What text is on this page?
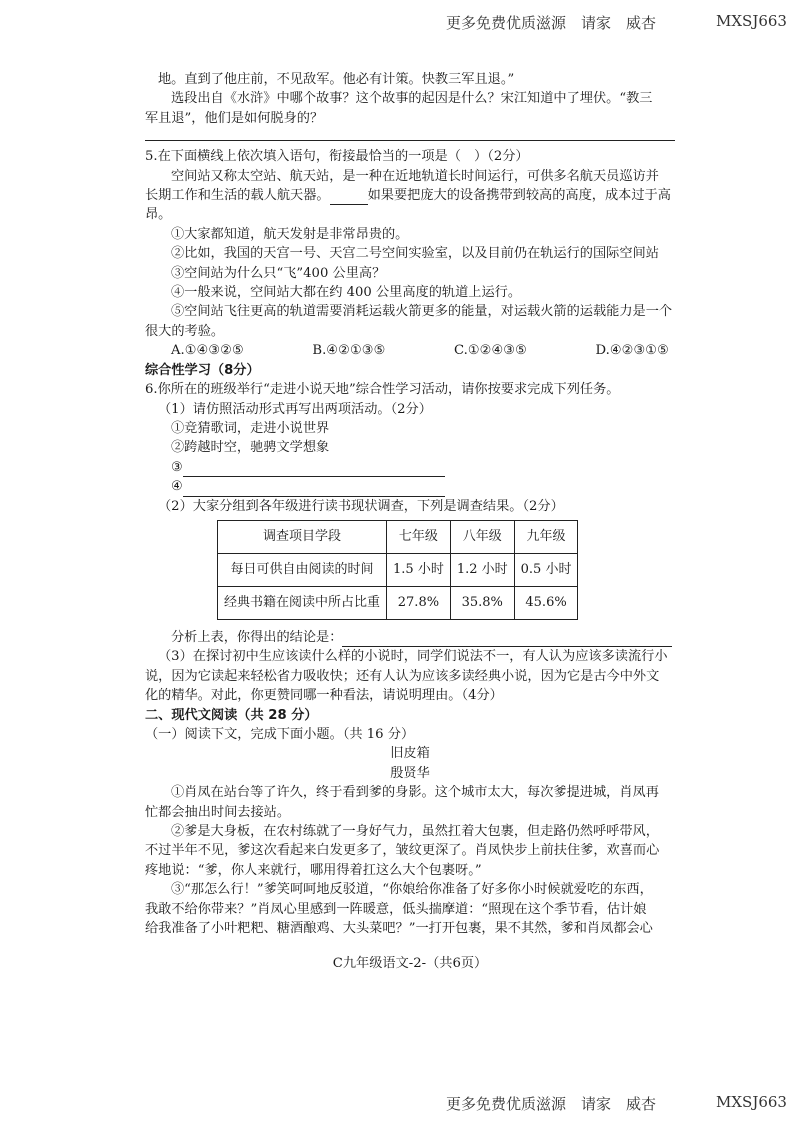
更多免费优质滋源　请家　威杏	MXSJ663
地。直到了他庄前，不见敌军。他必有计策。快教三军且退。”
选段出自《水浒》中哪个故事？这个故事的起因是什么？宋江知道中了埋伏。“教三
军且退”，他们是如何脱身的？
5.在下面横线上依次填入语句，衔接最恰当的一项是（　）（2分）
空间站又称太空站、航天站，是一种在近地轨道长时间运行，可供多名航天员巡访并
长期工作和生活的载人航天器。	如果要把庞大的设备携带到较高的高度，成本过于高
昂。
①大家都知道，航天发射是非常昂贵的。
②比如，我国的天宫一号、天宫二号空间实验室，以及目前仍在轨运行的国际空间站
③空间站为什么只“飞”400 公里高？
④一般来说，空间站大都在约 400 公里高度的轨道上运行。
⑤空间站飞往更高的轨道需要消耗运载火箭更多的能量，对运载火箭的运载能力是一个
很大的考验。
A.①④③②⑤	B.④②①③⑤	C.①②④③⑤	D.④②③①⑤
综合性学习（8分）
6.你所在的班级举行“走进小说天地”综合性学习活动，请你按要求完成下列任务。
（1）请仿照活动形式再写出两项活动。（2分）
①竞猜歌词，走进小说世界
②跨越时空，驰骋文学想象
③
④
（2）大家分组到各年级进行读书现状调查，下列是调查结果。（2分）
调查项目学段	七年级	八年级	九年级
每日可供自由阅读的时间	1.5 小时	1.2 小时	0.5 小时
经典书籍在阅读中所占比重	27.8%	35.8%	45.6%
分析上表，你得出的结论是：
（3）在探讨初中生应该读什么样的小说时，同学们说法不一，有人认为应该多读流行小
说，因为它读起来轻松省力吸收快；还有人认为应该多读经典小说，因为它是古今中外文
化的精华。对此，你更赞同哪一种看法，请说明理由。（4分）
二、现代文阅读（共 28 分）
（一）阅读下文，完成下面小题。（共 16 分）
旧皮箱
殷贤华
①肖凤在站台等了许久，终于看到爹的身影。这个城市太大，每次爹提进城，肖凤再
忙都会抽出时间去接站。
②爹是大身板，在农村练就了一身好气力，虽然扛着大包裹，但走路仍然呼呼带风，
不过半年不见，爹这次看起来白发更多了，皱纹更深了。肖凤快步上前扶住爹，欢喜而心
疼地说：“爹，你人来就行，哪用得着扛这么大个包裹呀。”
③“那怎么行！”爹笑呵呵地反驳道，“你娘给你准备了好多你小时候就爱吃的东西，
我敢不给你带来？”肖凤心里感到一阵暖意，低头揣摩道：“照现在这个季节看，估计娘
给我准备了小叶粑粑、糖酒酿鸡、大头菜吧？”一打开包裹，果不其然，爹和肖凤都会心
C九年级语文-2-（共6页）
更多免费优质滋源　请家　威杏	MXSJ663
